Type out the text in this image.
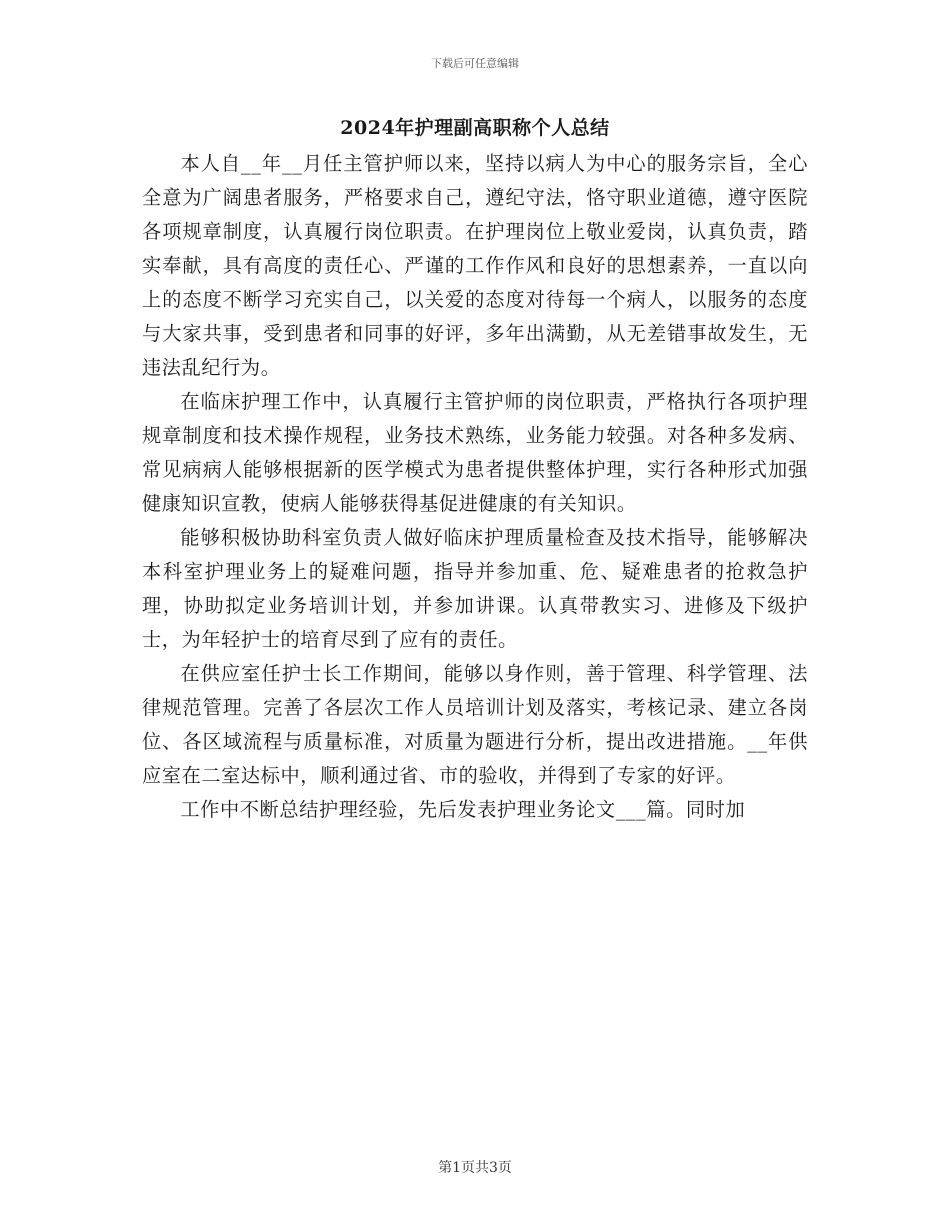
下载后可任意编辑
2024年护理副高职称个人总结

本人自__年__月任主管护师以来，坚持以病人为中心的服务宗旨，全心全意为广阔患者服务，严格要求自己，遵纪守法，恪守职业道德，遵守医院各项规章制度，认真履行岗位职责。在护理岗位上敬业爱岗，认真负责，踏实奉献，具有高度的责任心、严谨的工作作风和良好的思想素养，一直以向上的态度不断学习充实自己，以关爱的态度对待每一个病人，以服务的态度与大家共事，受到患者和同事的好评，多年出满勤，从无差错事故发生，无违法乱纪行为。

在临床护理工作中，认真履行主管护师的岗位职责，严格执行各项护理规章制度和技术操作规程，业务技术熟练，业务能力较强。对各种多发病、常见病病人能够根据新的医学模式为患者提供整体护理，实行各种形式加强健康知识宣教，使病人能够获得基促进健康的有关知识。

能够积极协助科室负责人做好临床护理质量检查及技术指导，能够解决本科室护理业务上的疑难问题，指导并参加重、危、疑难患者的抢救急护理，协助拟定业务培训计划，并参加讲课。认真带教实习、进修及下级护士，为年轻护士的培育尽到了应有的责任。

在供应室任护士长工作期间，能够以身作则，善于管理、科学管理、法律规范管理。完善了各层次工作人员培训计划及落实，考核记录、建立各岗位、各区域流程与质量标准，对质量为题进行分析，提出改进措施。__年供应室在二室达标中，顺利通过省、市的验收，并得到了专家的好评。

工作中不断总结护理经验，先后发表护理业务论文___篇。同时加

第1页共3页
